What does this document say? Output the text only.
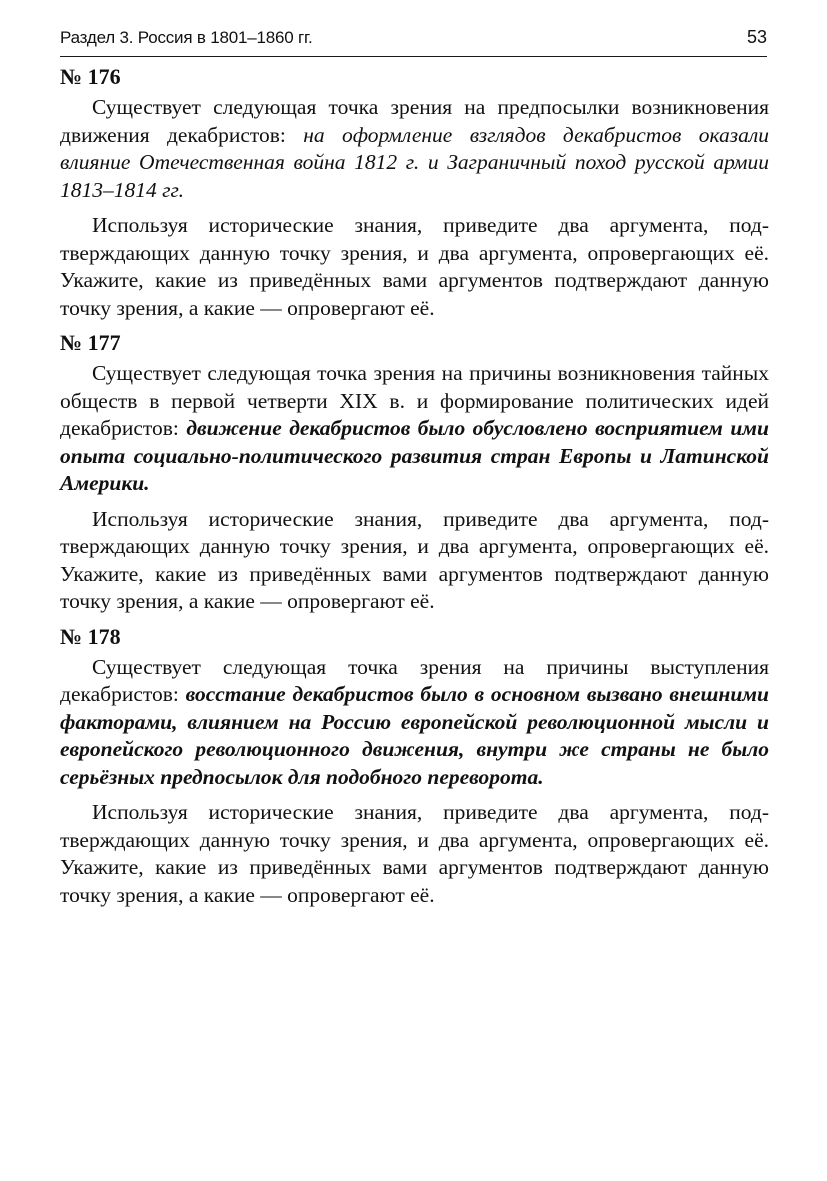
Раздел 3. Россия в 1801–1860 гг.	53
№ 176

Существует следующая точка зрения на предпосылки возникновения движения декабристов: на оформление взглядов декабристов оказали влияние Отечественная война 1812 г. и Заграничный поход русской армии 1813–1814 гг.

Используя исторические знания, приведите два аргумента, подтверждающих данную точку зрения, и два аргумента, опровергающих её. Укажите, какие из приведённых вами аргументов подтверждают данную точку зрения, а какие — опровергают её.

№ 177

Существует следующая точка зрения на причины возникновения тайных обществ в первой четверти XIX в. и формирование политических идей декабристов: движение декабристов было обусловлено восприятием ими опыта социально-политического развития стран Европы и Латинской Америки.

Используя исторические знания, приведите два аргумента, подтверждающих данную точку зрения, и два аргумента, опровергающих её. Укажите, какие из приведённых вами аргументов подтверждают данную точку зрения, а какие — опровергают её.

№ 178

Существует следующая точка зрения на причины выступления декабристов: восстание декабристов было в основном вызвано внешними факторами, влиянием на Россию европейской революционной мысли и европейского революционного движения, внутри же страны не было серьёзных предпосылок для подобного переворота.

Используя исторические знания, приведите два аргумента, подтверждающих данную точку зрения, и два аргумента, опровергающих её. Укажите, какие из приведённых вами аргументов подтверждают данную точку зрения, а какие — опровергают её.
